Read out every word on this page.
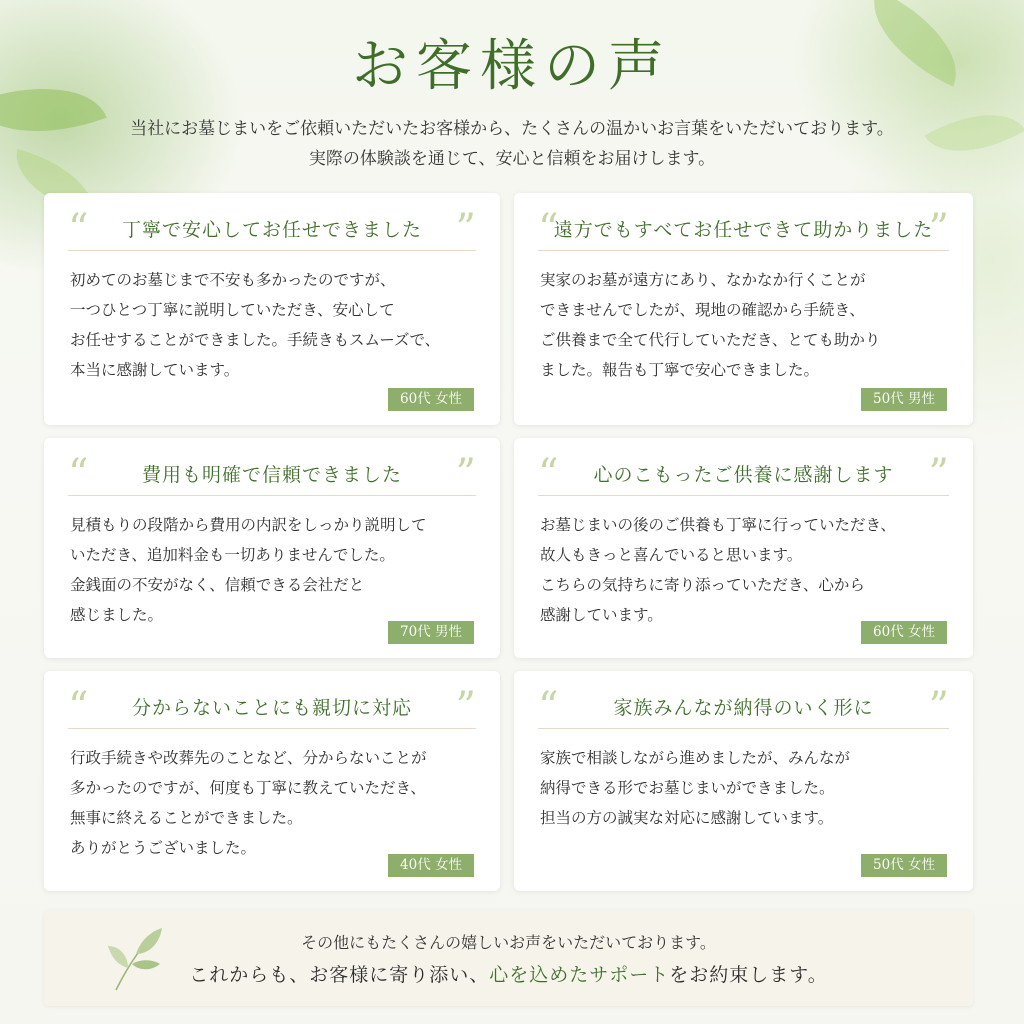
お客様の声
当社にお墓じまいをご依頼いただいたお客様から、たくさんの温かいお言葉をいただいております。
実際の体験談を通じて、安心と信頼をお届けします。
“ 丁寧で安心してお任せできました ”
初めてのお墓じまで不安も多かったのですが、
一つひとつ丁寧に説明していただき、安心して
お任せすることができました。手続きもスムーズで、
本当に感謝しています。
60代 女性
“
遠方でもすべてお任せできて助かりました
”
実家のお墓が遠方にあり、なかなか行くことが
できませんでしたが、現地の確認から手続き、
ご供養まで全て代行していただき、とても助かり
ました。報告も丁寧で安心できました。
50代 男性
“	費用も明確で信頼できました ”
見積もりの段階から費用の内訳をしっかり説明して
いただき、追加料金も一切ありませんでした。
金銭面の不安がなく、信頼できる会社だと
感じました。
70代 男性
“ 心のこもったご供養に感謝します ”
お墓じまいの後のご供養も丁寧に行っていただき、
故人もきっと喜んでいると思います。
こちらの気持ちに寄り添っていただき、心から
感謝しています。
60代 女性
“ 分からないことにも親切に対応 ”
行政手続きや改葬先のことなど、分からないことが
多かったのですが、何度も丁寧に教えていただき、
無事に終えることができました。
ありがとうございました。
40代 女性
“	家族みんなが納得のいく形に ”
家族で相談しながら進めましたが、みんなが
納得できる形でお墓じまいができました。
担当の方の誠実な対応に感謝しています。
50代 女性
その他にもたくさんの嬉しいお声をいただいております。
これからも、お客様に寄り添い、心を込めたサポートをお約束します。
